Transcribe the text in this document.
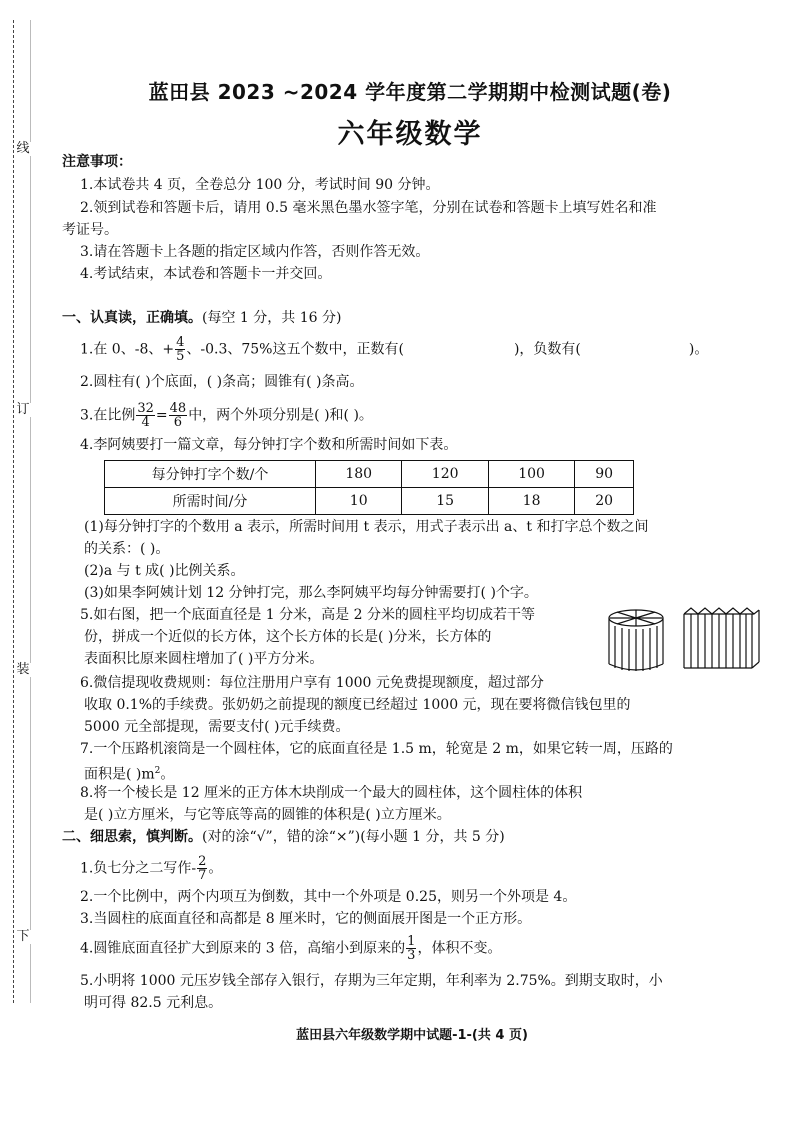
线
订
装
下
蓝田县 2023 ~2024 学年度第二学期期中检测试题(卷)
六年级数学
注意事项：
1.本试卷共 4 页，全卷总分 100 分，考试时间 90 分钟。
2.领到试卷和答题卡后，请用 0.5 毫米黑色墨水签字笔，分别在试卷和答题卡上填写姓名和准
考证号。
3.请在答题卡上各题的指定区域内作答，否则作答无效。
4.考试结束，本试卷和答题卡一并交回。
一、认真读，正确填。(每空 1 分，共 16 分)
1.在 0、-8、+ $\frac{4}{5}$ 、-0.3、75%这五个数中，正数有(	)，负数有(	)。
2.圆柱有( )个底面，( )条高；圆锥有( )条高。
3.在比例 $\frac{32}{4} = \frac{48}{6}$ 中，两个外项分别是( )和( )。
4.李阿姨要打一篇文章，每分钟打字个数和所需时间如下表。
每分钟打字个数/个	180	120	100	90
所需时间/分	10	15	18	20
(1)每分钟打字的个数用 a 表示，所需时间用 t 表示，用式子表示出 a、t 和打字总个数之间
的关系：( )。
(2)a 与 t 成( )比例关系。
(3)如果李阿姨计划 12 分钟打完，那么李阿姨平均每分钟需要打( )个字。
5.如右图，把一个底面直径是 1 分米，高是 2 分米的圆柱平均切成若干等
份，拼成一个近似的长方体，这个长方体的长是( )分米，长方体的
表面积比原来圆柱增加了( )平方分米。
6.微信提现收费规则：每位注册用户享有 1000 元免费提现额度，超过部分
收取 0.1%的手续费。张奶奶之前提现的额度已经超过 1000 元，现在要将微信钱包里的
5000 元全部提现，需要支付( )元手续费。
7.一个压路机滚筒是一个圆柱体，它的底面直径是 1.5 m，轮宽是 2 m，如果它转一周，压路的
面积是( )$m^2$。
8.将一个棱长是 12 厘米的正方体木块削成一个最大的圆柱体，这个圆柱体的体积
是( )立方厘米，与它等底等高的圆锥的体积是( )立方厘米。
二、细思索，慎判断。(对的涂“√”，错的涂“×”)(每小题 1 分，共 5 分)
1.负七分之二写作- $\frac{2}{7}$ 。
2.一个比例中，两个内项互为倒数，其中一个外项是 0.25，则另一个外项是 4。
3.当圆柱的底面直径和高都是 8 厘米时，它的侧面展开图是一个正方形。
4.圆锥底面直径扩大到原来的 3 倍，高缩小到原来的 $\frac{1}{3}$ ，体积不变。
5.小明将 1000 元压岁钱全部存入银行，存期为三年定期，年利率为 2.75%。到期支取时，小
明可得 82.5 元利息。
蓝田县六年级数学期中试题-1-(共 4 页)
